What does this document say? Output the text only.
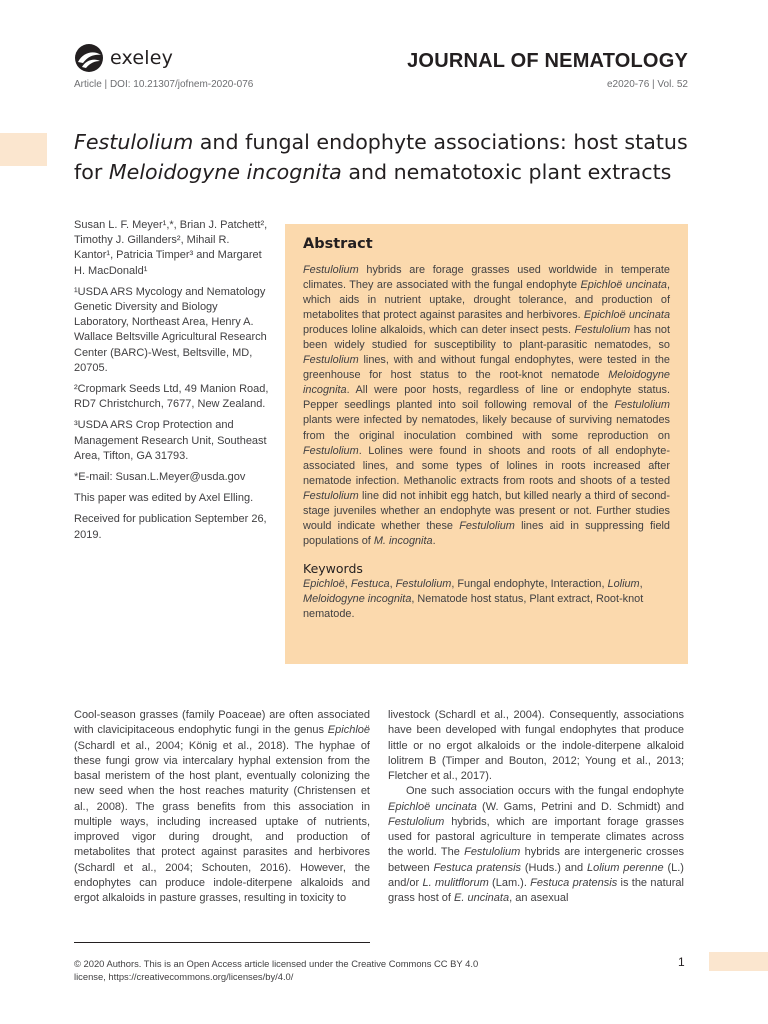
exeley	JOURNAL OF NEMATOLOGY
Article | DOI: 10.21307/jofnem-2020-076	e2020-76 | Vol. 52
Festulolium and fungal endophyte associations: host status
for Meloidogyne incognita and nematotoxic plant extracts

Susan L. F. Meyer¹,*, Brian J. Patchett², Timothy J. Gillanders², Mihail R. Kantor¹, Patricia Timper³ and Margaret H. MacDonald¹

¹USDA ARS Mycology and Nematology Genetic Diversity and Biology Laboratory, Northeast Area, Henry A. Wallace Beltsville Agricultural Research Center (BARC)-West, Beltsville, MD, 20705.

²Cropmark Seeds Ltd, 49 Manion Road, RD7 Christchurch, 7677, New Zealand.

³USDA ARS Crop Protection and Management Research Unit, Southeast Area, Tifton, GA 31793.

*E-mail: Susan.L.Meyer@usda.gov

This paper was edited by Axel Elling.

Received for publication September 26, 2019.

Abstract
Festulolium hybrids are forage grasses used worldwide in temperate climates. They are associated with the fungal endophyte Epichloë uncinata, which aids in nutrient uptake, drought tolerance, and production of metabolites that protect against parasites and herbivores. Epichloë uncinata produces loline alkaloids, which can deter insect pests. Festulolium has not been widely studied for susceptibility to plant-parasitic nematodes, so Festulolium lines, with and without fungal endophytes, were tested in the greenhouse for host status to the root-knot nematode Meloidogyne incognita. All were poor hosts, regardless of line or endophyte status. Pepper seedlings planted into soil following removal of the Festulolium plants were infected by nematodes, likely because of surviving nematodes from the original inoculation combined with some reproduction on Festulolium. Lolines were found in shoots and roots of all endophyte-associated lines, and some types of lolines in roots increased after nematode infection. Methanolic extracts from roots and shoots of a tested Festulolium line did not inhibit egg hatch, but killed nearly a third of second-stage juveniles whether an endophyte was present or not. Further studies would indicate whether these Festulolium lines aid in suppressing field populations of M. incognita.
Keywords
Epichloë, Festuca, Festulolium, Fungal endophyte, Interaction, Lolium, Meloidogyne incognita, Nematode host status, Plant extract, Root-knot nematode.

Cool-season grasses (family Poaceae) are often associated with clavicipitaceous endophytic fungi in the genus Epichloë (Schardl et al., 2004; König et al., 2018). The hyphae of these fungi grow via intercalary hyphal extension from the basal meristem of the host plant, eventually colonizing the new seed when the host reaches maturity (Christensen et al., 2008). The grass benefits from this association in multiple ways, including increased uptake of nutrients, improved vigor during drought, and production of metabolites that protect against parasites and herbivores (Schardl et al., 2004; Schouten, 2016). However, the endophytes can produce indole-diterpene alkaloids and ergot alkaloids in pasture grasses, resulting in toxicity to

livestock (Schardl et al., 2004). Consequently, associations have been developed with fungal endophytes that produce little or no ergot alkaloids or the indole-diterpene alkaloid lolitrem B (Timper and Bouton, 2012; Young et al., 2013; Fletcher et al., 2017).

One such association occurs with the fungal endophyte Epichloë uncinata (W. Gams, Petrini and D. Schmidt) and Festulolium hybrids, which are important forage grasses used for pastoral agriculture in temperate climates across the world. The Festulolium hybrids are intergeneric crosses between Festuca pratensis (Huds.) and Lolium perenne (L.) and/or L. mulitflorum (Lam.). Festuca pratensis is the natural grass host of E. uncinata, an asexual

© 2020 Authors. This is an Open Access article licensed under the Creative Commons CC BY 4.0 license, https://creativecommons.org/licenses/by/4.0/
1
